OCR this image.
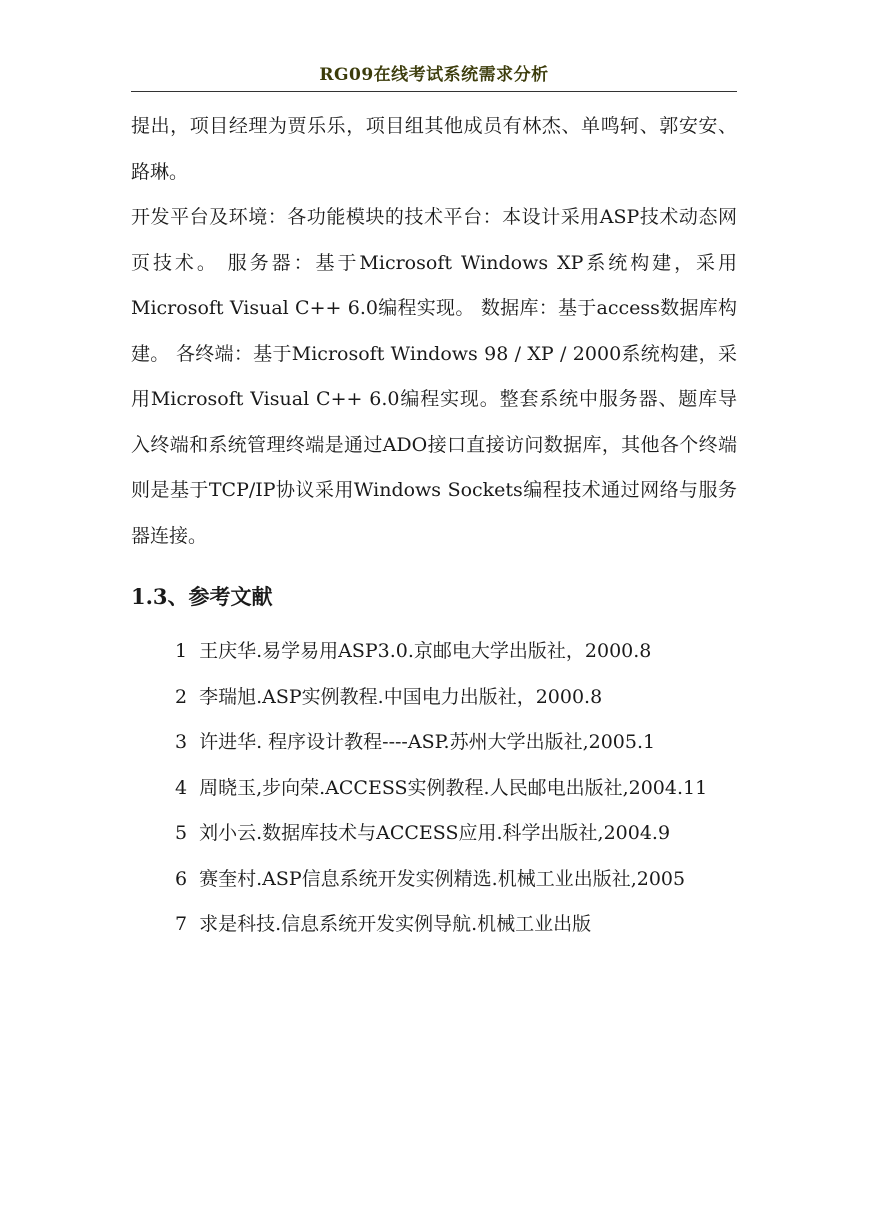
RG09在线考试系统需求分析

提出，项目经理为贾乐乐，项目组其他成员有林杰、单鸣轲、郭安安、路琳。

开发平台及环境：各功能模块的技术平台：本设计采用ASP技术动态网页技术。 服务器：基于Microsoft Windows XP系统构建，采用Microsoft Visual C++ 6.0编程实现。 数据库：基于access数据库构建。 各终端：基于Microsoft Windows 98 / XP / 2000系统构建，采用Microsoft Visual C++ 6.0编程实现。整套系统中服务器、题库导入终端和系统管理终端是通过ADO接口直接访问数据库，其他各个终端则是基于TCP/IP协议采用Windows Sockets编程技术通过网络与服务器连接。

1.3、参考文献
1 王庆华.易学易用ASP3.0.京邮电大学出版社，2000.8
2 李瑞旭.ASP实例教程.中国电力出版社，2000.8
3 许进华. 程序设计教程----ASP.苏州大学出版社,2005.1
4 周晓玉,步向荣.ACCESS实例教程.人民邮电出版社,2004.11
5 刘小云.数据库技术与ACCESS应用.科学出版社,2004.9
6 赛奎村.ASP信息系统开发实例精选.机械工业出版社,2005
7 求是科技.信息系统开发实例导航.机械工业出版
